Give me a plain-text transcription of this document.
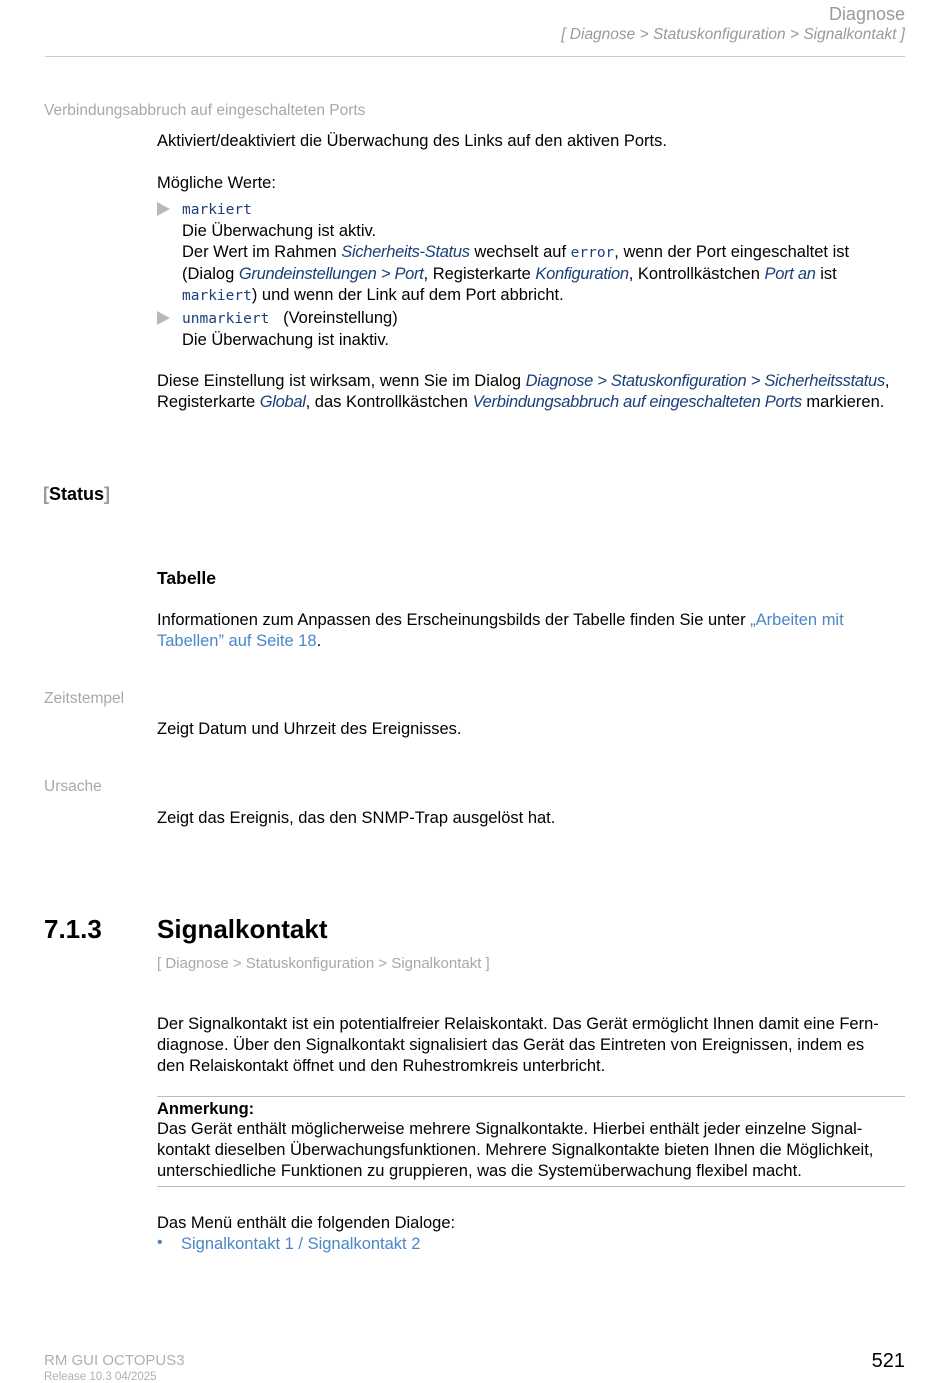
Diagnose
[ Diagnose > Statuskonfiguration > Signalkontakt ]
Verbindungsabbruch auf eingeschalteten Ports
Aktiviert/deaktiviert die Überwachung des Links auf den aktiven Ports.
Mögliche Werte:
markiert
Die Überwachung ist aktiv.
Der Wert im Rahmen Sicherheits-Status wechselt auf error, wenn der Port eingeschaltet ist
(Dialog Grundeinstellungen > Port, Registerkarte Konfiguration, Kontrollkästchen Port an ist
markiert) und wenn der Link auf dem Port abbricht.
unmarkiert (Voreinstellung)
Die Überwachung ist inaktiv.
Diese Einstellung ist wirksam, wenn Sie im Dialog Diagnose > Statuskonfiguration > Sicherheitsstatus,
Registerkarte Global, das Kontrollkästchen Verbindungsabbruch auf eingeschalteten Ports markieren.
[Status]
Tabelle
Informationen zum Anpassen des Erscheinungsbilds der Tabelle finden Sie unter „Arbeiten mit
Tabellen” auf Seite 18.
Zeitstempel
Zeigt Datum und Uhrzeit des Ereignisses.
Ursache
Zeigt das Ereignis, das den SNMP-Trap ausgelöst hat.
7.1.3 Signalkontakt
[ Diagnose > Statuskonfiguration > Signalkontakt ]
Der Signalkontakt ist ein potentialfreier Relaiskontakt. Das Gerät ermöglicht Ihnen damit eine Fern-
diagnose. Über den Signalkontakt signalisiert das Gerät das Eintreten von Ereignissen, indem es
den Relaiskontakt öffnet und den Ruhestromkreis unterbricht.
Anmerkung:
Das Gerät enthält möglicherweise mehrere Signalkontakte. Hierbei enthält jeder einzelne Signal-
kontakt dieselben Überwachungsfunktionen. Mehrere Signalkontakte bieten Ihnen die Möglichkeit,
unterschiedliche Funktionen zu gruppieren, was die Systemüberwachung flexibel macht.
Das Menü enthält die folgenden Dialoge:
• Signalkontakt 1 / Signalkontakt 2
RM GUI OCTOPUS3
Release 10.3 04/2025
521
